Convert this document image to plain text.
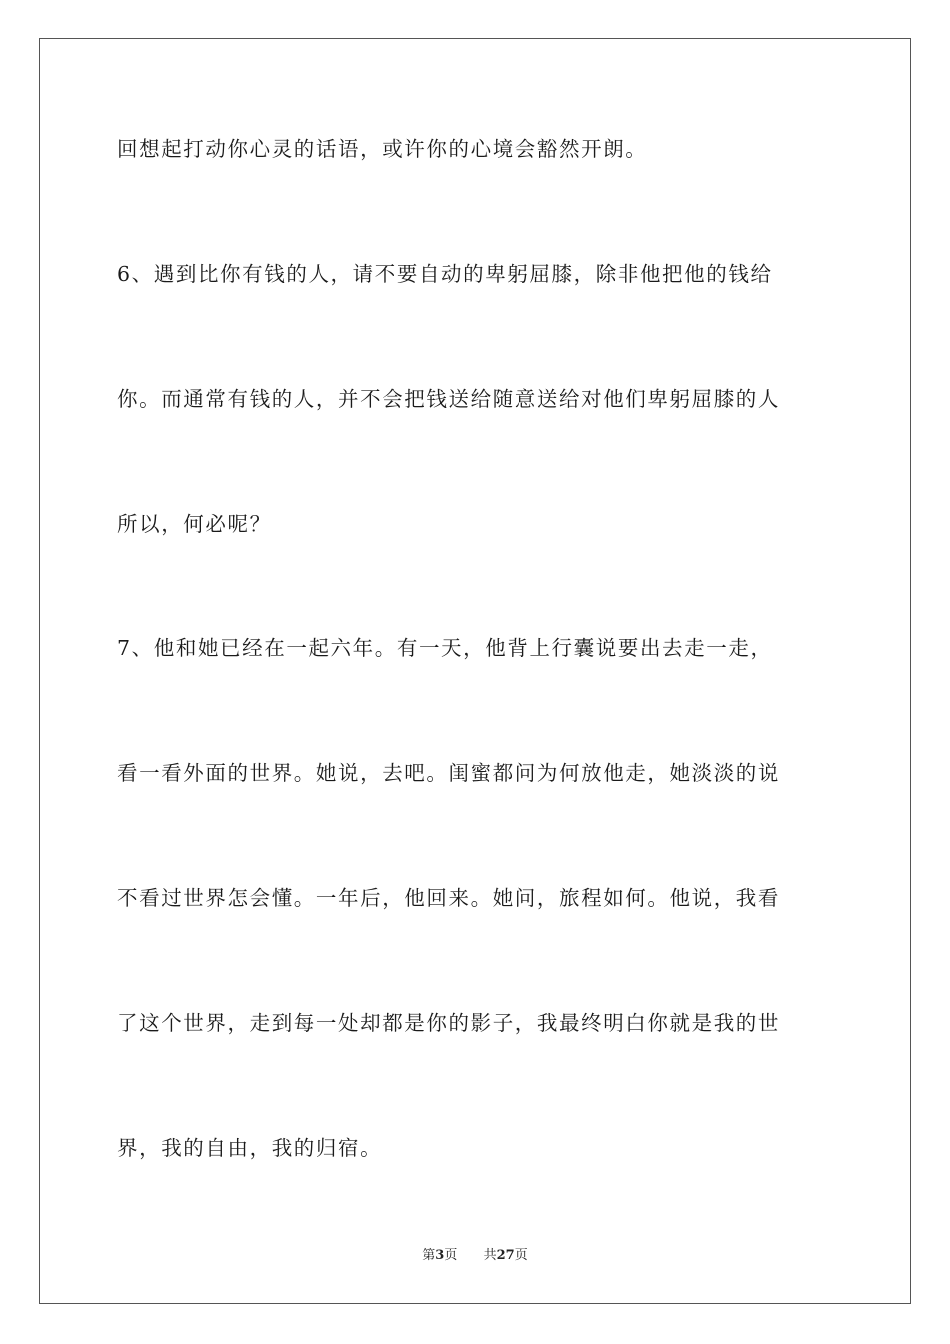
回想起打动你心灵的话语，或许你的心境会豁然开朗。
6、遇到比你有钱的人，请不要自动的卑躬屈膝，除非他把他的钱给
你。而通常有钱的人，并不会把钱送给随意送给对他们卑躬屈膝的人
所以，何必呢？
7、他和她已经在一起六年。有一天，他背上行囊说要出去走一走，
看一看外面的世界。她说，去吧。闺蜜都问为何放他走，她淡淡的说
不看过世界怎会懂。一年后，他回来。她问，旅程如何。他说，我看
了这个世界，走到每一处却都是你的影子，我最终明白你就是我的世
界，我的自由，我的归宿。
第3页 共27页
